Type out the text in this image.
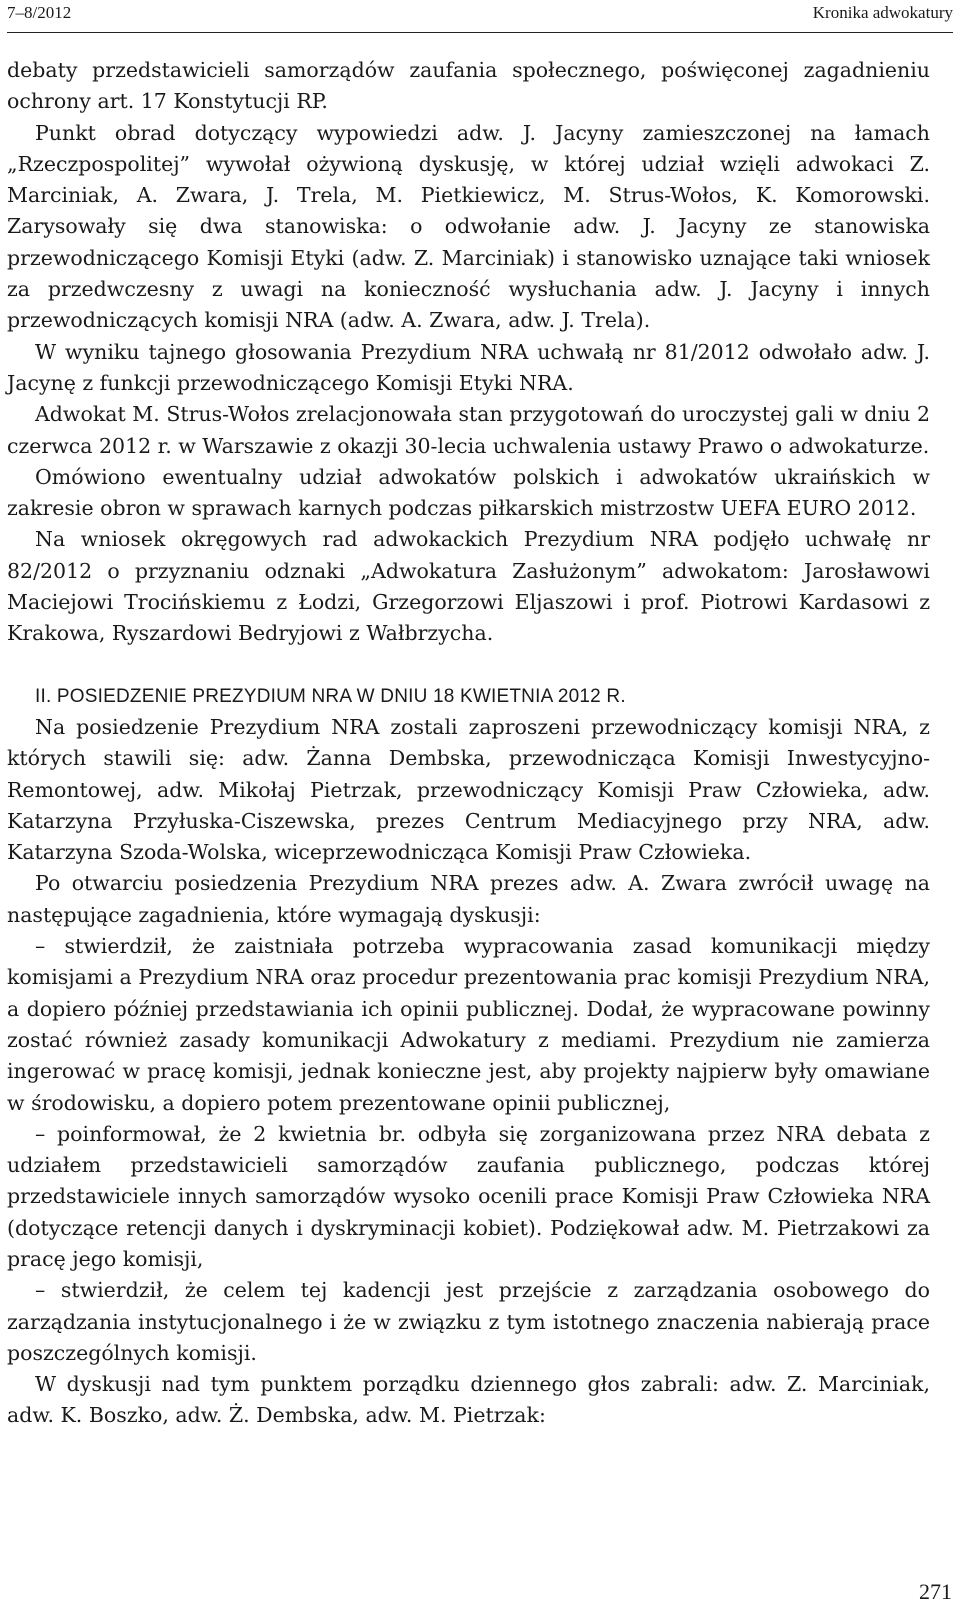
7–8/2012	Kronika adwokatury

debaty przedstawicieli samorządów zaufania społecznego, poświęconej zagadnieniu ochrony art. 17 Konstytucji RP.

Punkt obrad dotyczący wypowiedzi adw. J. Jacyny zamieszczonej na łamach „Rzeczpospolitej” wywołał ożywioną dyskusję, w której udział wzięli adwokaci Z. Marciniak, A. Zwara, J. Trela, M. Pietkiewicz, M. Strus-Wołos, K. Komorowski. Zarysowały się dwa stanowiska: o odwołanie adw. J. Jacyny ze stanowiska przewodniczącego Komisji Etyki (adw. Z. Marciniak) i stanowisko uznające taki wniosek za przedwczesny z uwagi na konieczność wysłuchania adw. J. Jacyny i innych przewodniczących komisji NRA (adw. A. Zwara, adw. J. Trela).

W wyniku tajnego głosowania Prezydium NRA uchwałą nr 81/2012 odwołało adw. J. Jacynę z funkcji przewodniczącego Komisji Etyki NRA.

Adwokat M. Strus-Wołos zrelacjonowała stan przygotowań do uroczystej gali w dniu 2 czerwca 2012 r. w Warszawie z okazji 30-lecia uchwalenia ustawy Prawo o adwokaturze.

Omówiono ewentualny udział adwokatów polskich i adwokatów ukraińskich w zakresie obron w sprawach karnych podczas piłkarskich mistrzostw UEFA EURO 2012.

Na wniosek okręgowych rad adwokackich Prezydium NRA podjęło uchwałę nr 82/2012 o przyznaniu odznaki „Adwokatura Zasłużonym” adwokatom: Jarosławowi Maciejowi Trocińskiemu z Łodzi, Grzegorzowi Eljaszowi i prof. Piotrowi Kardasowi z Krakowa, Ryszardowi Bedryjowi z Wałbrzycha.

II. POSIEDZENIE PREZYDIUM NRA W DNIU 18 KWIETNIA 2012 R.

Na posiedzenie Prezydium NRA zostali zaproszeni przewodniczący komisji NRA, z których stawili się: adw. Żanna Dembska, przewodnicząca Komisji Inwestycyjno-Remontowej, adw. Mikołaj Pietrzak, przewodniczący Komisji Praw Człowieka, adw. Katarzyna Przyłuska-Ciszewska, prezes Centrum Mediacyjnego przy NRA, adw. Katarzyna Szoda-Wolska, wiceprzewodnicząca Komisji Praw Człowieka.

Po otwarciu posiedzenia Prezydium NRA prezes adw. A. Zwara zwrócił uwagę na następujące zagadnienia, które wymagają dyskusji:

– stwierdził, że zaistniała potrzeba wypracowania zasad komunikacji między komisjami a Prezydium NRA oraz procedur prezentowania prac komisji Prezydium NRA, a dopiero później przedstawiania ich opinii publicznej. Dodał, że wypracowane powinny zostać również zasady komunikacji Adwokatury z mediami. Prezydium nie zamierza ingerować w pracę komisji, jednak konieczne jest, aby projekty najpierw były omawiane w środowisku, a dopiero potem prezentowane opinii publicznej,

– poinformował, że 2 kwietnia br. odbyła się zorganizowana przez NRA debata z udziałem przedstawicieli samorządów zaufania publicznego, podczas której przedstawiciele innych samorządów wysoko ocenili prace Komisji Praw Człowieka NRA (dotyczące retencji danych i dyskryminacji kobiet). Podziękował adw. M. Pietrzakowi za pracę jego komisji,

– stwierdził, że celem tej kadencji jest przejście z zarządzania osobowego do zarządzania instytucjonalnego i że w związku z tym istotnego znaczenia nabierają prace poszczególnych komisji.

W dyskusji nad tym punktem porządku dziennego głos zabrali: adw. Z. Marciniak, adw. K. Boszko, adw. Ż. Dembska, adw. M. Pietrzak:

271
